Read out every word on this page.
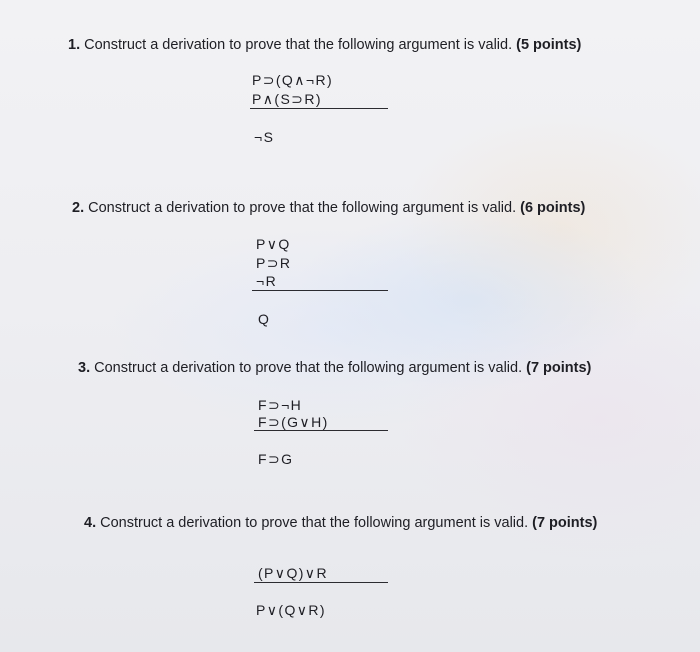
1. Construct a derivation to prove that the following argument is valid. (5 points)
P⊃(Q∧¬R)
P∧(S⊃R)
¬S
2. Construct a derivation to prove that the following argument is valid. (6 points)
P∨Q
P⊃R
¬R
Q
3. Construct a derivation to prove that the following argument is valid. (7 points)
F⊃¬H
F⊃(G∨H)
F⊃G
4. Construct a derivation to prove that the following argument is valid. (7 points)
(P∨Q)∨R
P∨(Q∨R)
